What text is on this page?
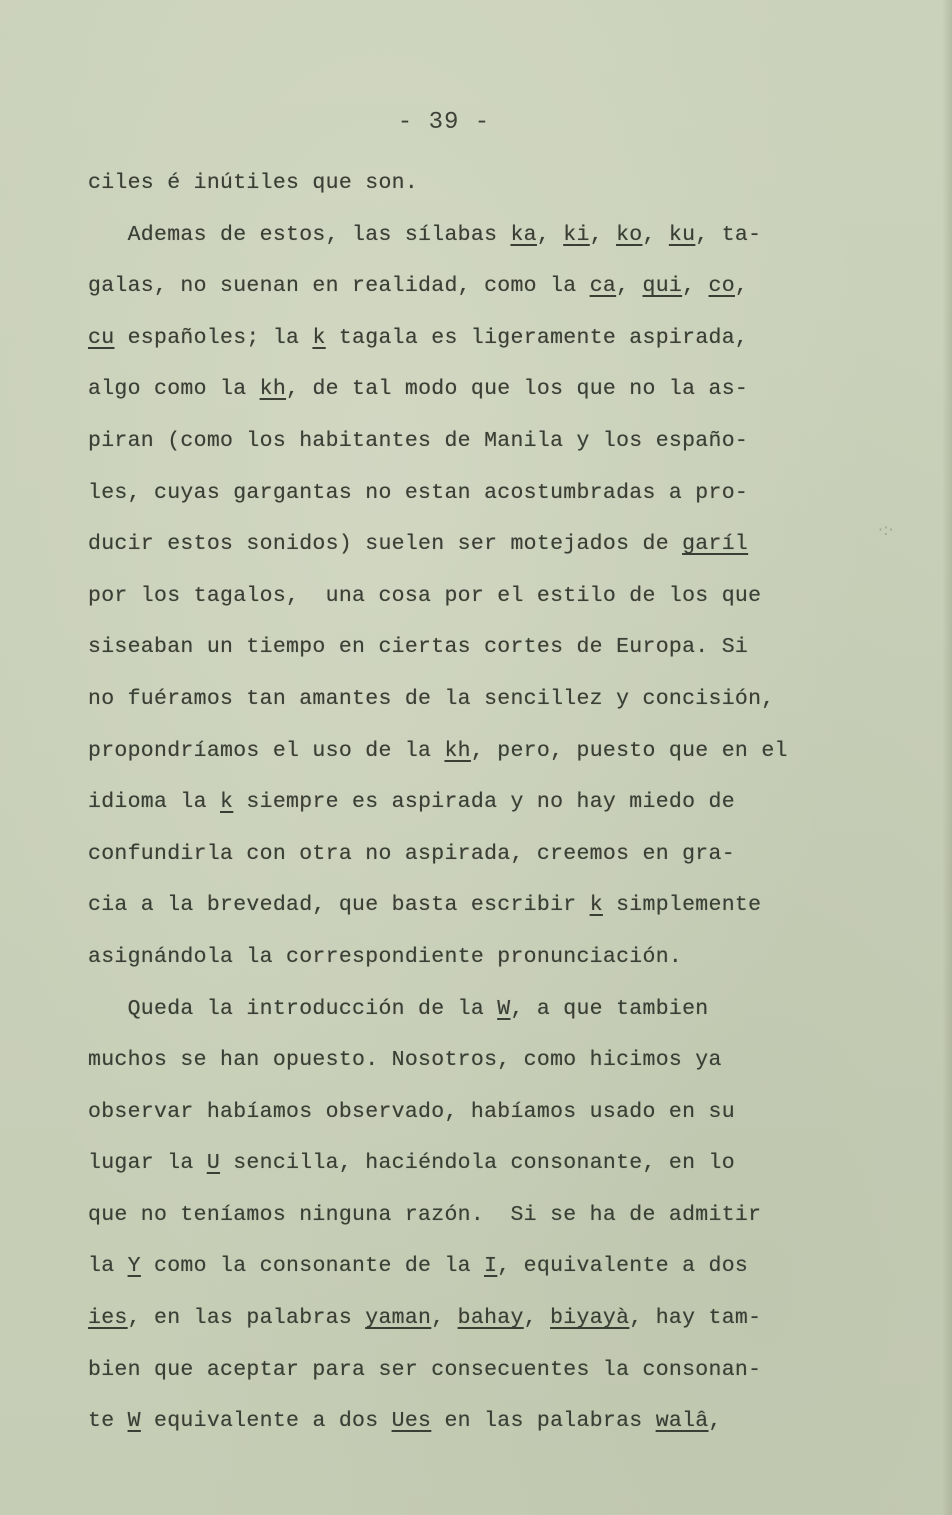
- 39 -
ciles é inútiles que son.
Ademas de estos, las sílabas ka, ki, ko, ku, ta-
galas, no suenan en realidad, como la ca, qui, co,
cu españoles; la k tagala es ligeramente aspirada,
algo como la kh, de tal modo que los que no la as-
piran (como los habitantes de Manila y los españo-
les, cuyas gargantas no estan acostumbradas a pro-
ducir estos sonidos) suelen ser motejados de garíl
por los tagalos,  una cosa por el estilo de los que
siseaban un tiempo en ciertas cortes de Europa. Si
no fuéramos tan amantes de la sencillez y concisión,
propondríamos el uso de la kh, pero, puesto que en el
idioma la k siempre es aspirada y no hay miedo de
confundirla con otra no aspirada, creemos en gra-
cia a la brevedad, que basta escribir k simplemente
asignándola la correspondiente pronunciación.
Queda la introducción de la W, a que tambien
muchos se han opuesto. Nosotros, como hicimos ya
observar habíamos observado, habíamos usado en su
lugar la U sencilla, haciéndola consonante, en lo
que no teníamos ninguna razón.  Si se ha de admitir
la Y como la consonante de la I, equivalente a dos
ies, en las palabras yaman, bahay, biyayà, hay tam-
bien que aceptar para ser consecuentes la consonan-
te W equivalente a dos Ues en las palabras walâ,
·:·
